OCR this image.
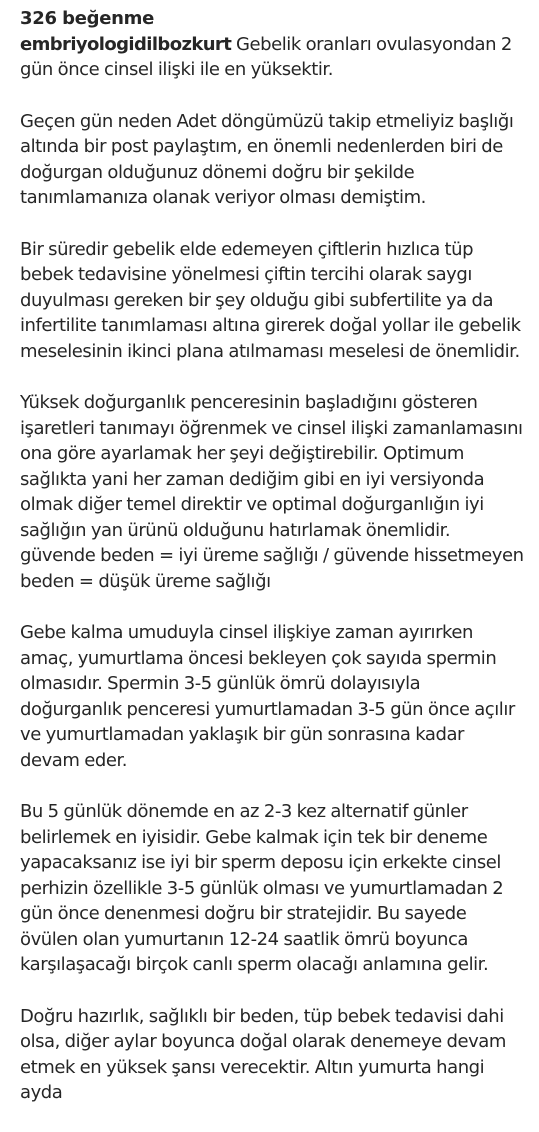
326 beğenme

embriyologidilbozkurt Gebelik oranları ovulasyondan 2 gün önce cinsel ilişki ile en yüksektir.

Geçen gün neden Adet döngümüzü takip etmeliyiz başlığı altında bir post paylaştım, en önemli nedenlerden biri de doğurgan olduğunuz dönemi doğru bir şekilde tanımlamanıza olanak veriyor olması demiştim.

Bir süredir gebelik elde edemeyen çiftlerin hızlıca tüp bebek tedavisine yönelmesi çiftin tercihi olarak saygı duyulması gereken bir şey olduğu gibi subfertilite ya da infertilite tanımlaması altına girerek doğal yollar ile gebelik meselesinin ikinci plana atılmaması meselesi de önemlidir.

Yüksek doğurganlık penceresinin başladığını gösteren işaretleri tanımayı öğrenmek ve cinsel ilişki zamanlamasını ona göre ayarlamak her şeyi değiştirebilir. Optimum sağlıkta yani her zaman dediğim gibi en iyi versiyonda olmak diğer temel direktir ve optimal doğurganlığın iyi sağlığın yan ürünü olduğunu hatırlamak önemlidir. güvende beden = iyi üreme sağlığı / güvende hissetmeyen beden = düşük üreme sağlığı

Gebe kalma umuduyla cinsel ilişkiye zaman ayırırken amaç, yumurtlama öncesi bekleyen çok sayıda spermin olmasıdır. Spermin 3-5 günlük ömrü dolayısıyla doğurganlık penceresi yumurtlamadan 3-5 gün önce açılır ve yumurtlamadan yaklaşık bir gün sonrasına kadar devam eder.

Bu 5 günlük dönemde en az 2-3 kez alternatif günler belirlemek en iyisidir. Gebe kalmak için tek bir deneme yapacaksanız ise iyi bir sperm deposu için erkekte cinsel perhizin özellikle 3-5 günlük olması ve yumurtlamadan 2 gün önce denenmesi doğru bir stratejidir. Bu sayede övülen olan yumurtanın 12-24 saatlik ömrü boyunca karşılaşacağı birçok canlı sperm olacağı anlamına gelir.

Doğru hazırlık, sağlıklı bir beden, tüp bebek tedavisi dahi olsa, diğer aylar boyunca doğal olarak denemeye devam etmek en yüksek şansı verecektir. Altın yumurta hangi ayda
